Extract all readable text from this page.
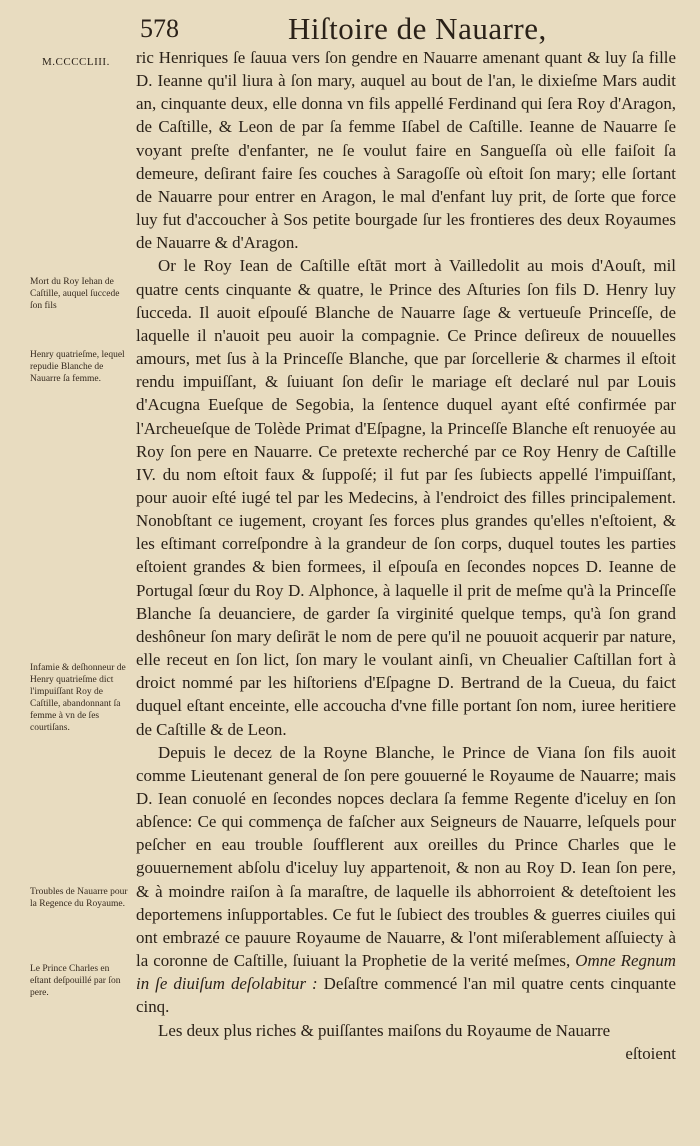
578	Hiſtoire de Nauarre,
M.CCCCLIII.
Mort du Roy Iehan de Caſtille, auquel ſuccede ſon fils
Henry quatrieſme, lequel repudie Blanche de Nauarre ſa femme.
Infamie & deſhonneur de Henry quatrieſme dict l'impuiſſant Roy de Caſtille, abandonnant ſa femme à vn de ſes courtiſans.
Troubles de Nauarre pour la Regence du Royaume.
Le Prince Charles en eſtant deſpouillé par ſon pere.

ric Henriques ſe ſauua vers ſon gendre en Nauarre amenant quant & luy ſa fille D. Ieanne qu'il liura à ſon mary, auquel au bout de l'an, le dixieſme Mars audit an, cinquante deux, elle donna vn fils appellé Ferdinand qui ſera Roy d'Aragon, de Caſtille, & Leon de par ſa femme Iſabel de Caſtille. Ieanne de Nauarre ſe voyant preſte d'enfanter, ne ſe voulut faire en Sangueſſa où elle faiſoit ſa demeure, deſirant faire ſes couches à Saragoſſe où eſtoit ſon mary; elle ſortant de Nauarre pour entrer en Aragon, le mal d'enfant luy prit, de ſorte que force luy fut d'accoucher à Sos petite bourgade ſur les frontieres des deux Royaumes de Nauarre & d'Aragon.

Or le Roy Iean de Caſtille eſtāt mort à Vailledolit au mois d'Aouſt, mil quatre cents cinquante & quatre, le Prince des Aſturies ſon fils D. Henry luy ſucceda. Il auoit eſpouſé Blanche de Nauarre ſage & vertueuſe Princeſſe, de laquelle il n'auoit peu auoir la compagnie. Ce Prince deſireux de nouuelles amours, met ſus à la Princeſſe Blanche, que par ſorcellerie & charmes il eſtoit rendu impuiſſant, & ſuiuant ſon deſir le mariage eſt declaré nul par Louis d'Acugna Eueſque de Segobia, la ſentence duquel ayant eſté confirmée par l'Archeueſque de Tolède Primat d'Eſpagne, la Princeſſe Blanche eſt renuoyée au Roy ſon pere en Nauarre. Ce pretexte recherché par ce Roy Henry de Caſtille IV. du nom eſtoit faux & ſuppoſé; il fut par ſes ſubiects appellé l'impuiſſant, pour auoir eſté iugé tel par les Medecins, à l'endroict des filles principalement. Nonobſtant ce iugement, croyant ſes forces plus grandes qu'elles n'eſtoient, & les eſtimant correſpondre à la grandeur de ſon corps, duquel toutes les parties eſtoient grandes & bien formees, il eſpouſa en ſecondes nopces D. Ieanne de Portugal ſœur du Roy D. Alphonce, à laquelle il prit de meſme qu'à la Princeſſe Blanche ſa deuanciere, de garder ſa virginité quelque temps, qu'à ſon grand deshôneur ſon mary deſirāt le nom de pere qu'il ne pouuoit acquerir par nature, elle receut en ſon lict, ſon mary le voulant ainſi, vn Cheualier Caſtillan fort à droict nommé par les hiſtoriens d'Eſpagne D. Bertrand de la Cueua, du faict duquel eſtant enceinte, elle accoucha d'vne fille portant ſon nom, iuree heritiere de Caſtille & de Leon.

Depuis le decez de la Royne Blanche, le Prince de Viana ſon fils auoit comme Lieutenant general de ſon pere gouuerné le Royaume de Nauarre; mais D. Iean conuolé en ſecondes nopces declara ſa femme Regente d'iceluy en ſon abſence: Ce qui commença de faſcher aux Seigneurs de Nauarre, leſquels pour peſcher en eau trouble ſoufflerent aux oreilles du Prince Charles que le gouuernement abſolu d'iceluy luy appartenoit, & non au Roy D. Iean ſon pere, & à moindre raiſon à ſa maraſtre, de laquelle ils abhorroient & deteſtoient les deportemens inſupportables. Ce fut le ſubiect des troubles & guerres ciuiles qui ont embrazé ce pauure Royaume de Nauarre, & l'ont miſerablement aſſuiecty à la coronne de Caſtille, ſuiuant la Prophetie de la verité meſmes, Omne Regnum in ſe diuiſum deſolabitur : Deſaſtre commencé l'an mil quatre cents cinquante cinq.

Les deux plus riches & puiſſantes maiſons du Royaume de Nauarre

eſtoient
